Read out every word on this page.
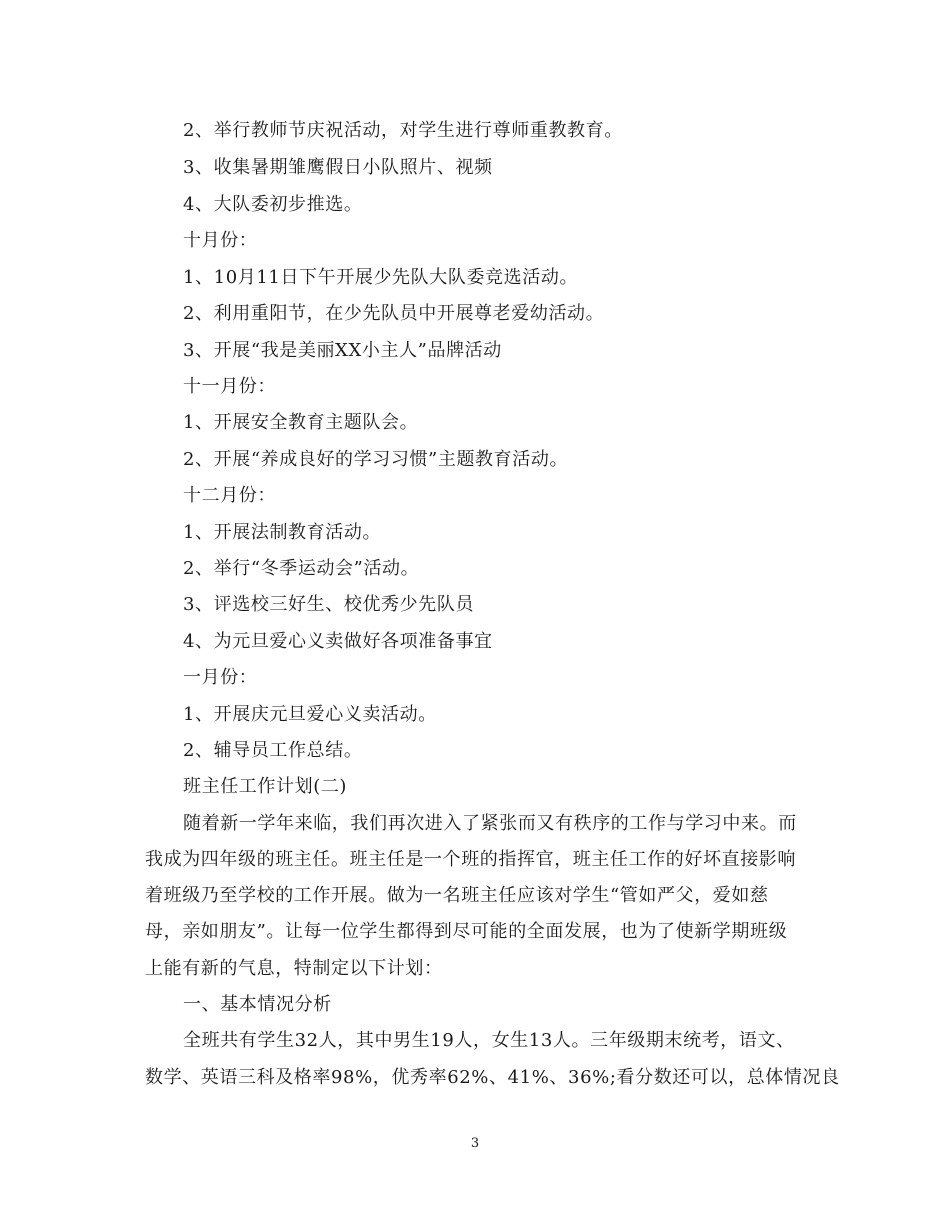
2、举行教师节庆祝活动，对学生进行尊师重教教育。
3、收集暑期雏鹰假日小队照片、视频
4、大队委初步推选。
十月份：
1、10月11日下午开展少先队大队委竞选活动。
2、利用重阳节，在少先队员中开展尊老爱幼活动。
3、开展“我是美丽XX小主人”品牌活动
十一月份：
1、开展安全教育主题队会。
2、开展“养成良好的学习习惯”主题教育活动。
十二月份：
1、开展法制教育活动。
2、举行“冬季运动会”活动。
3、评选校三好生、校优秀少先队员
4、为元旦爱心义卖做好各项准备事宜
一月份：
1、开展庆元旦爱心义卖活动。
2、辅导员工作总结。
班主任工作计划(二)
随着新一学年来临，我们再次进入了紧张而又有秩序的工作与学习中来。而
我成为四年级的班主任。班主任是一个班的指挥官，班主任工作的好坏直接影响
着班级乃至学校的工作开展。做为一名班主任应该对学生“管如严父，爱如慈
母，亲如朋友”。让每一位学生都得到尽可能的全面发展，也为了使新学期班级
上能有新的气息，特制定以下计划：
一、基本情况分析
全班共有学生32人，其中男生19人，女生13人。三年级期末统考，语文、
数学、英语三科及格率98%，优秀率62%、41%、36%;看分数还可以，总体情况良
3
